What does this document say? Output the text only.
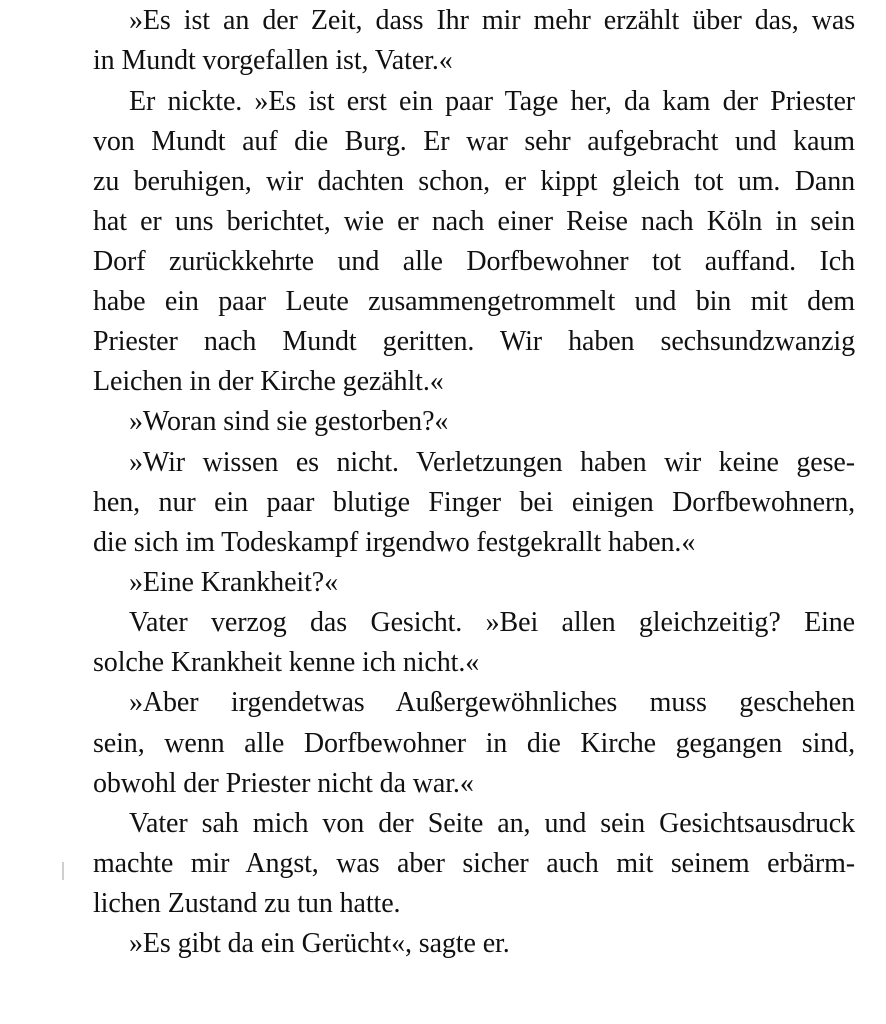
»Es ist an der Zeit, dass Ihr mir mehr erzählt über das, was
in Mundt vorgefallen ist, Vater.«
Er nickte. »Es ist erst ein paar Tage her, da kam der Priester
von Mundt auf die Burg. Er war sehr aufgebracht und kaum
zu beruhigen, wir dachten schon, er kippt gleich tot um. Dann
hat er uns berichtet, wie er nach einer Reise nach Köln in sein
Dorf zurückkehrte und alle Dorfbewohner tot auffand. Ich
habe ein paar Leute zusammengetrommelt und bin mit dem
Priester nach Mundt geritten. Wir haben sechsundzwanzig
Leichen in der Kirche gezählt.«
»Woran sind sie gestorben?«
»Wir wissen es nicht. Verletzungen haben wir keine gese-
hen, nur ein paar blutige Finger bei einigen Dorfbewohnern,
die sich im Todeskampf irgendwo festgekrallt haben.«
»Eine Krankheit?«
Vater verzog das Gesicht. »Bei allen gleichzeitig? Eine
solche Krankheit kenne ich nicht.«
»Aber irgendetwas Außergewöhnliches muss geschehen
sein, wenn alle Dorfbewohner in die Kirche gegangen sind,
obwohl der Priester nicht da war.«
Vater sah mich von der Seite an, und sein Gesichtsausdruck
machte mir Angst, was aber sicher auch mit seinem erbärm-
lichen Zustand zu tun hatte.
»Es gibt da ein Gerücht«, sagte er.
